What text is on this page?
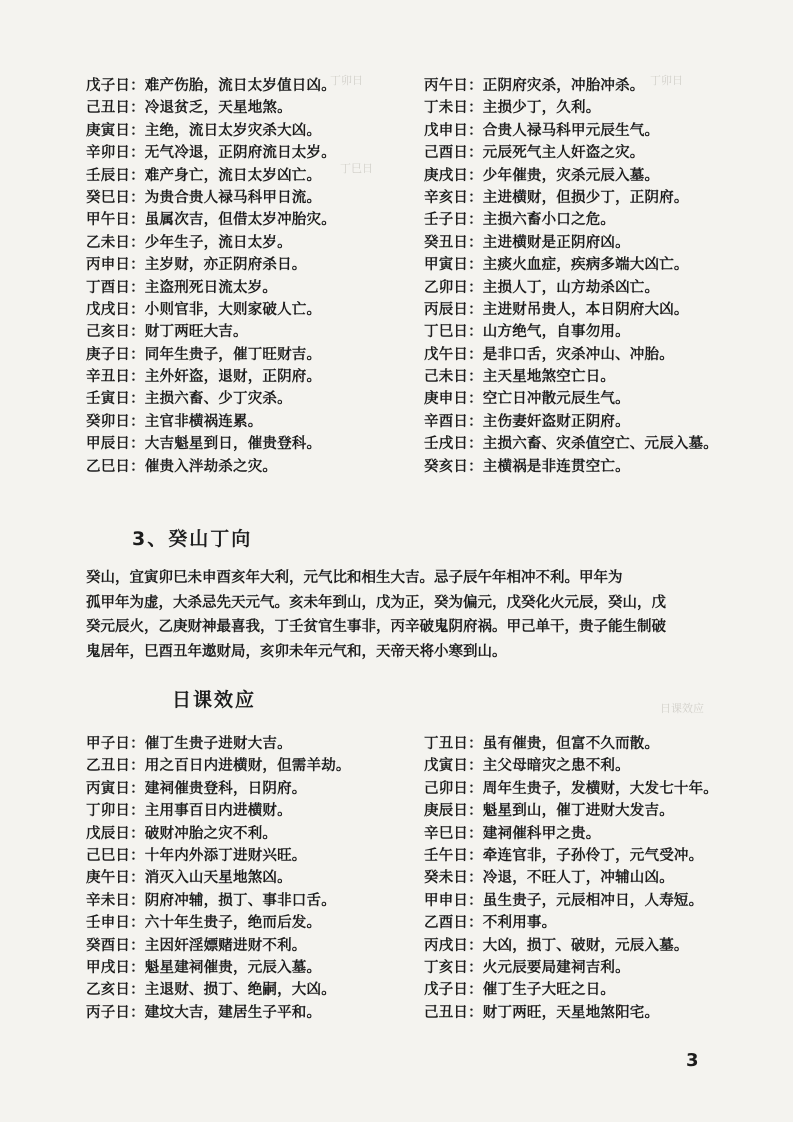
丁卯日	丁卯日
丁巳日
日课效应
戊子日：难产伤胎，流日太岁值日凶。
己丑日：冷退贫乏，天星地煞。
庚寅日：主绝，流日太岁灾杀大凶。
辛卯日：无气冷退，正阴府流日太岁。
壬辰日：难产身亡，流日太岁凶亡。
癸巳日：为贵合贵人禄马科甲日流。
甲午日：虽属次吉，但借太岁冲胎灾。
乙未日：少年生子，流日太岁。
丙申日：主岁财，亦正阴府杀日。
丁酉日：主盗刑死日流太岁。
戊戌日：小则官非，大则家破人亡。
己亥日：财丁两旺大吉。
庚子日：同年生贵子，催丁旺财吉。
辛丑日：主外奸盗，退财，正阴府。
壬寅日：主损六畜、少丁灾杀。
癸卯日：主官非横祸连累。
甲辰日：大吉魁星到日，催贵登科。
乙巳日：催贵入泮劫杀之灾。
丙午日：正阴府灾杀，冲胎冲杀。
丁未日：主损少丁，久利。
戊申日：合贵人禄马科甲元辰生气。
己酉日：元辰死气主人奸盗之灾。
庚戌日：少年催贵，灾杀元辰入墓。
辛亥日：主进横财，但损少丁，正阴府。
壬子日：主损六畜小口之危。
癸丑日：主进横财是正阴府凶。
甲寅日：主痰火血症，疾病多端大凶亡。
乙卯日：主损人丁，山方劫杀凶亡。
丙辰日：主进财吊贵人，本日阴府大凶。
丁巳日：山方绝气，自事勿用。
戊午日：是非口舌，灾杀冲山、冲胎。
己未日：主天星地煞空亡日。
庚申日：空亡日冲散元辰生气。
辛酉日：主伤妻奸盗财正阴府。
壬戌日：主损六畜、灾杀值空亡、元辰入墓。
癸亥日：主横祸是非连贯空亡。
3、癸山丁向
癸山，宜寅卯巳未申酉亥年大利，元气比和相生大吉。忌子辰午年相冲不利。甲年为
孤甲年为虚，大杀忌先天元气。亥未年到山，戊为正，癸为偏元，戊癸化火元辰，癸山，戊
癸元辰火，乙庚财神最喜我，丁壬贫官生事非，丙辛破鬼阴府祸。甲己单干，贵子能生制破
鬼居年，巳酉丑年遨财局，亥卯未年元气和，天帝天将小寒到山。
日课效应
甲子日：催丁生贵子进财大吉。
乙丑日：用之百日内进横财，但需羊劫。
丙寅日：建祠催贵登科，日阴府。
丁卯日：主用事百日内进横财。
戊辰日：破财冲胎之灾不利。
己巳日：十年内外添丁进财兴旺。
庚午日：消灭入山天星地煞凶。
辛未日：阴府冲辅，损丁、事非口舌。
壬申日：六十年生贵子，绝而后发。
癸酉日：主因奸淫嫖赌进财不利。
甲戌日：魁星建祠催贵，元辰入墓。
乙亥日：主退财、损丁、绝嗣，大凶。
丙子日：建坟大吉，建居生子平和。
丁丑日：虽有催贵，但富不久而散。
戊寅日：主父母暗灾之患不利。
己卯日：周年生贵子，发横财，大发七十年。
庚辰日：魁星到山，催丁进财大发吉。
辛巳日：建祠催科甲之贵。
壬午日：牵连官非，子孙伶丁，元气受冲。
癸未日：冷退，不旺人丁，冲辅山凶。
甲申日：虽生贵子，元辰相冲日，人寿短。
乙酉日：不利用事。
丙戌日：大凶，损丁、破财，元辰入墓。
丁亥日：火元辰要局建祠吉利。
戊子日：催丁生子大旺之日。
己丑日：财丁两旺，天星地煞阳宅。
3
